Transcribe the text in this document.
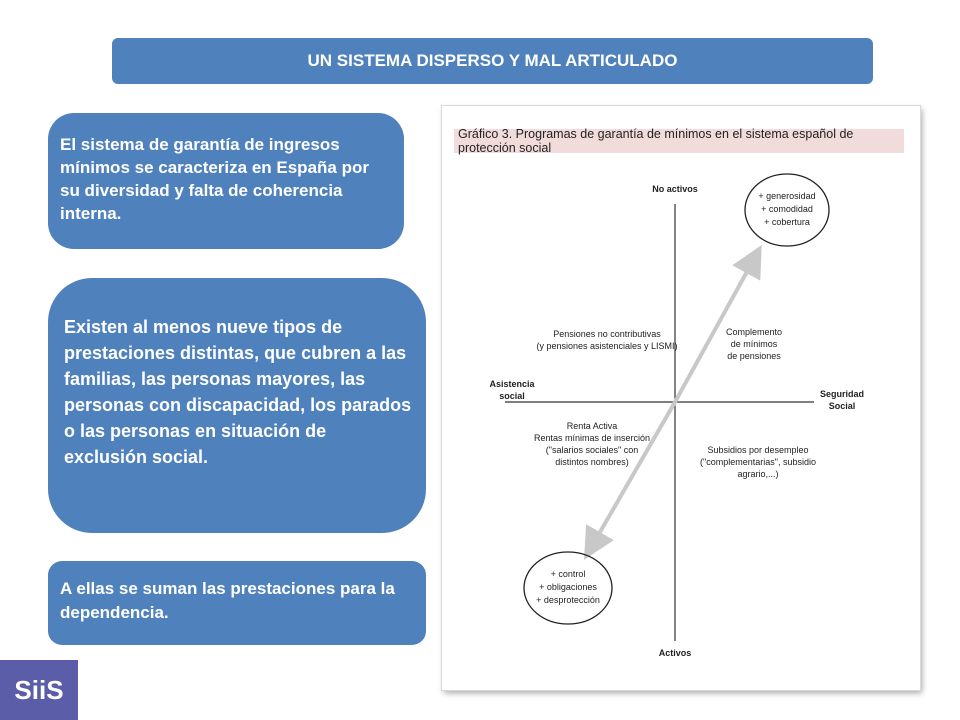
UN SISTEMA DISPERSO Y MAL ARTICULADO
El sistema de garantía de ingresos mínimos se caracteriza en España por su diversidad y falta de coherencia interna.
Existen al menos nueve tipos de prestaciones distintas, que cubren a las familias, las personas mayores, las personas con discapacidad, los parados o las personas en situación de exclusión social.
A ellas se suman las prestaciones para la dependencia.
Gráfico 3. Programas de garantía de mínimos en el sistema español de protección social
No activos
Activos
Asistencia
social	Seguridad
Social
Pensiones no contributivas
(y pensiones asistenciales y LISMI)
Complemento
de mínimos
de pensiones
Renta Activa
Rentas mínimas de inserción
("salarios sociales" con
distintos nombres)
Subsidios por desempleo
("complementarias", subsidio
agrario,...)
+ generosidad
+ comodidad
+ cobertura
+ control
+ obligaciones
+ desprotección
SiiS
